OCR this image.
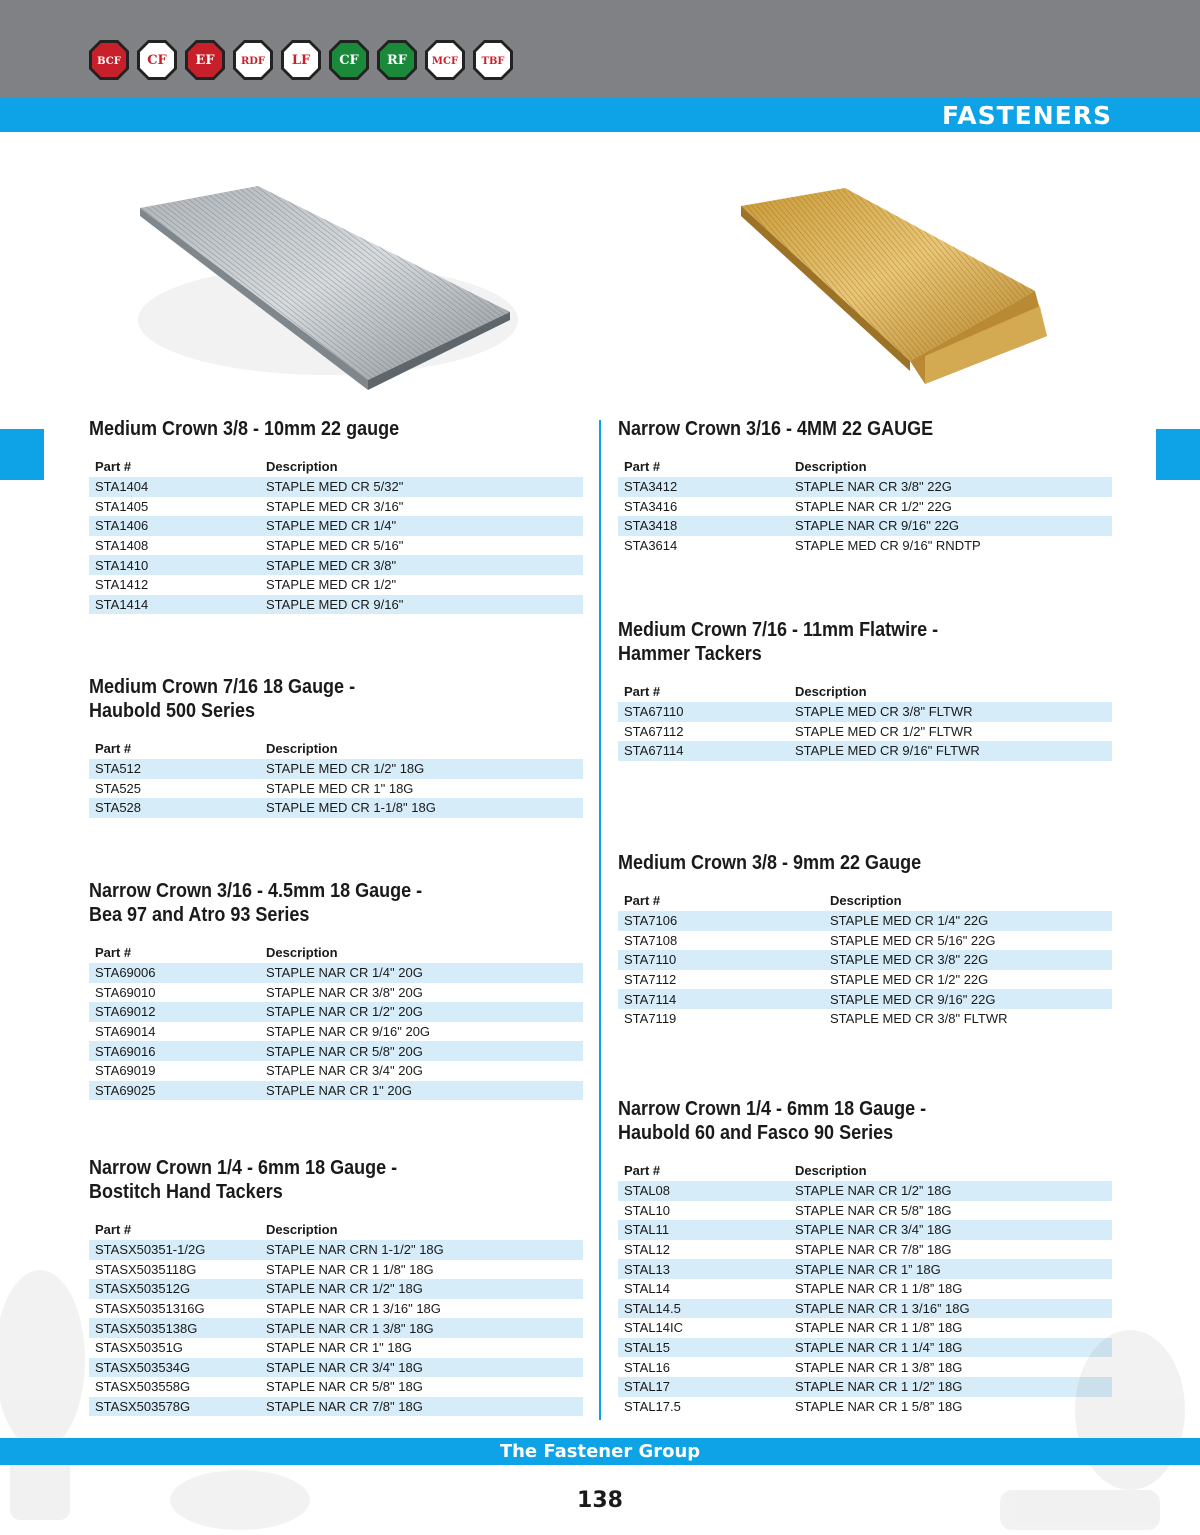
BCF CF EF	RDF LF CF RF MCF TBF
FASTENERS
Medium Crown 3/8 - 10mm 22 gauge
Part #	Description
STA1404	STAPLE MED CR 5/32"
STA1405	STAPLE MED CR 3/16"
STA1406	STAPLE MED CR 1/4"
STA1408	STAPLE MED CR 5/16"
STA1410	STAPLE MED CR 3/8"
STA1412	STAPLE MED CR 1/2"
STA1414	STAPLE MED CR 9/16"
Medium Crown 7/16 18 Gauge -
Haubold 500 Series
Part #	Description
STA512	STAPLE MED CR 1/2" 18G
STA525	STAPLE MED CR 1" 18G
STA528	STAPLE MED CR 1-1/8" 18G
Narrow Crown 3/16 - 4.5mm 18 Gauge -
Bea 97 and Atro 93 Series
Part #	Description
STA69006	STAPLE NAR CR 1/4" 20G
STA69010	STAPLE NAR CR 3/8" 20G
STA69012	STAPLE NAR CR 1/2" 20G
STA69014	STAPLE NAR CR 9/16" 20G
STA69016	STAPLE NAR CR 5/8" 20G
STA69019	STAPLE NAR CR 3/4" 20G
STA69025	STAPLE NAR CR 1" 20G
Narrow Crown 1/4 - 6mm 18 Gauge -
Bostitch Hand Tackers
Part #	Description
STASX50351-1/2G	STAPLE NAR CRN 1-1/2" 18G
STASX5035118G	STAPLE NAR CR 1 1/8" 18G
STASX503512G	STAPLE NAR CR 1/2" 18G
STASX50351316G	STAPLE NAR CR 1 3/16" 18G
STASX5035138G	STAPLE NAR CR 1 3/8" 18G
STASX50351G	STAPLE NAR CR 1" 18G
STASX503534G	STAPLE NAR CR 3/4" 18G
STASX503558G	STAPLE NAR CR 5/8" 18G
STASX503578G	STAPLE NAR CR 7/8" 18G
Narrow Crown 3/16 - 4MM 22 GAUGE
Part #	Description
STA3412	STAPLE NAR CR 3/8" 22G
STA3416	STAPLE NAR CR 1/2" 22G
STA3418	STAPLE NAR CR 9/16" 22G
STA3614	STAPLE MED CR 9/16" RNDTP
Medium Crown 7/16 - 11mm Flatwire -
Hammer Tackers
Part #	Description
STA67110	STAPLE MED CR 3/8" FLTWR
STA67112	STAPLE MED CR 1/2" FLTWR
STA67114	STAPLE MED CR 9/16" FLTWR
Medium Crown 3/8 - 9mm 22 Gauge
Part #	Description
STA7106	STAPLE MED CR 1/4" 22G
STA7108	STAPLE MED CR 5/16" 22G
STA7110	STAPLE MED CR 3/8" 22G
STA7112	STAPLE MED CR 1/2" 22G
STA7114	STAPLE MED CR 9/16" 22G
STA7119	STAPLE MED CR 3/8" FLTWR
Narrow Crown 1/4 - 6mm 18 Gauge -
Haubold 60 and Fasco 90 Series
Part #	Description
STAL08	STAPLE NAR CR 1/2” 18G
STAL10	STAPLE NAR CR 5/8” 18G
STAL11	STAPLE NAR CR 3/4” 18G
STAL12	STAPLE NAR CR 7/8” 18G
STAL13	STAPLE NAR CR 1” 18G
STAL14	STAPLE NAR CR 1 1/8” 18G
STAL14.5	STAPLE NAR CR 1 3/16” 18G
STAL14IC	STAPLE NAR CR 1 1/8” 18G
STAL15	STAPLE NAR CR 1 1/4” 18G
STAL16	STAPLE NAR CR 1 3/8” 18G
STAL17	STAPLE NAR CR 1 1/2” 18G
STAL17.5	STAPLE NAR CR 1 5/8” 18G
The Fastener Group
138
